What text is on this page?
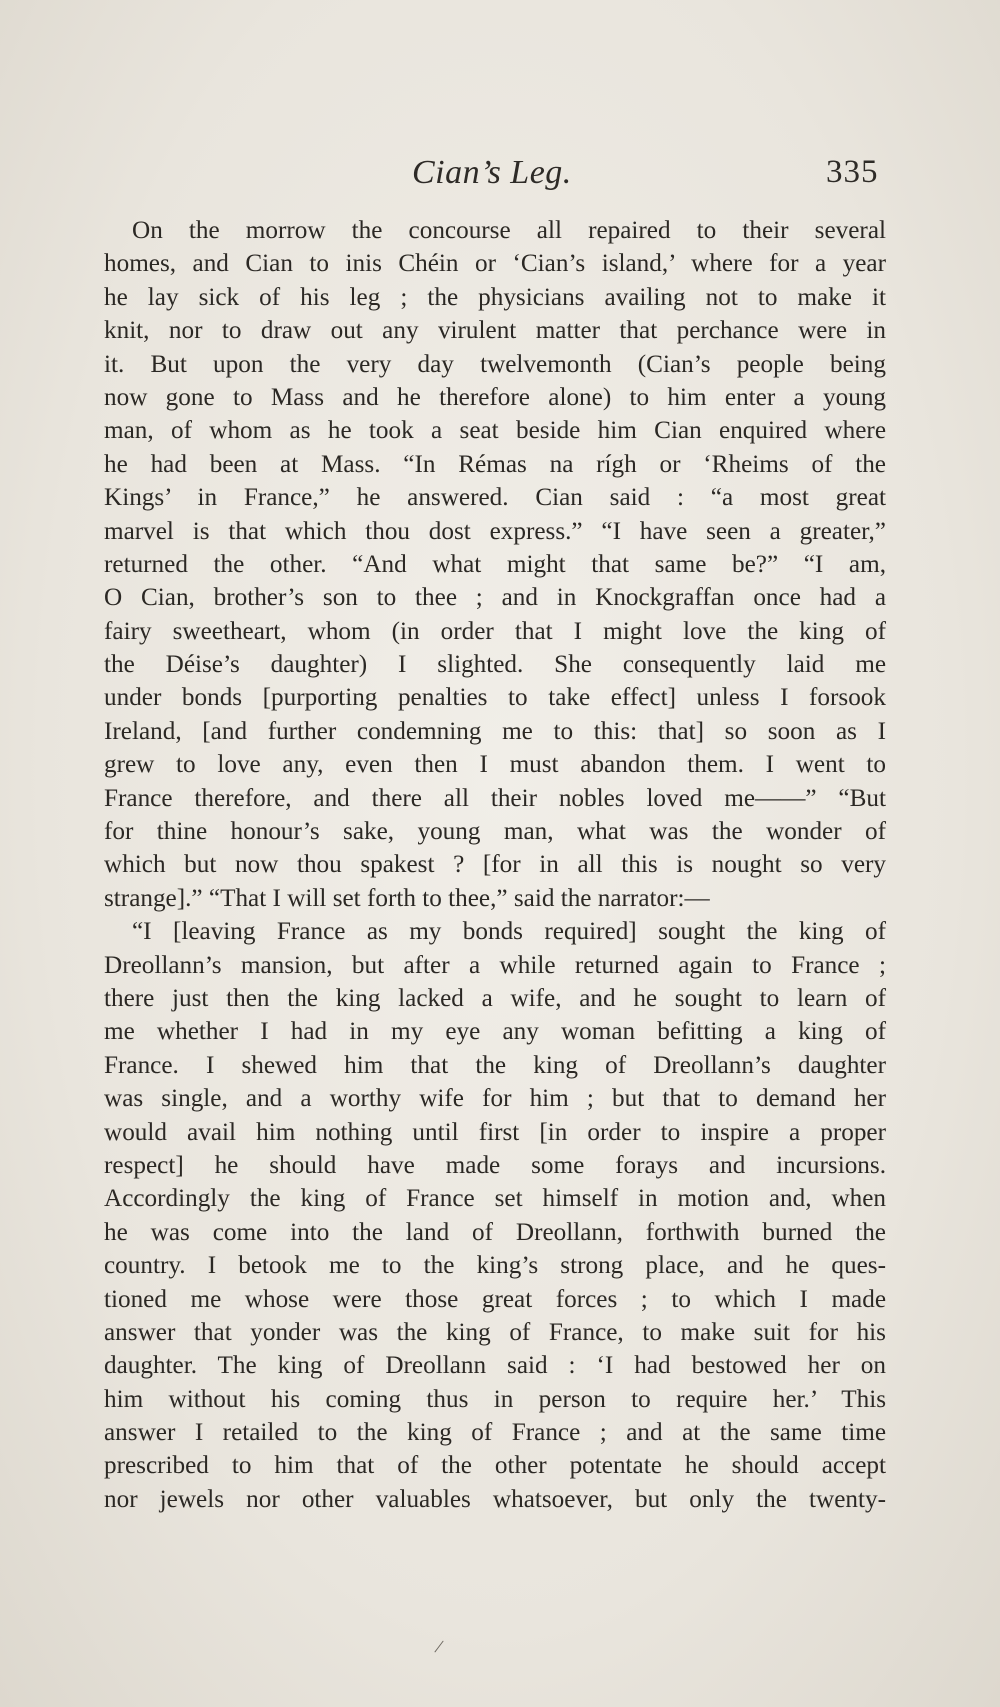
Cian’s Leg.	335
On the morrow the concourse all repaired to their several
homes, and Cian to inis Chéin or ‘Cian’s island,’ where for a year
he lay sick of his leg ; the physicians availing not to make it
knit, nor to draw out any virulent matter that perchance were in
it. But upon the very day twelvemonth (Cian’s people being
now gone to Mass and he therefore alone) to him enter a young
man, of whom as he took a seat beside him Cian enquired where
he had been at Mass. “In Rémas na rígh or ‘Rheims of the
Kings’ in France,” he answered. Cian said : “a most great
marvel is that which thou dost express.” “I have seen a greater,”
returned the other. “And what might that same be?” “I am,
O Cian, brother’s son to thee ; and in Knockgraffan once had a
fairy sweetheart, whom (in order that I might love the king of
the Déise’s daughter) I slighted. She consequently laid me
under bonds [purporting penalties to take effect] unless I forsook
Ireland, [and further condemning me to this: that] so soon as I
grew to love any, even then I must abandon them. I went to
France therefore, and there all their nobles loved me——” “But
for thine honour’s sake, young man, what was the wonder of
which but now thou spakest ? [for in all this is nought so very
strange].” “That I will set forth to thee,” said the narrator:—
“I [leaving France as my bonds required] sought the king of
Dreollann’s mansion, but after a while returned again to France ;
there just then the king lacked a wife, and he sought to learn of
me whether I had in my eye any woman befitting a king of
France. I shewed him that the king of Dreollann’s daughter
was single, and a worthy wife for him ; but that to demand her
would avail him nothing until first [in order to inspire a proper
respect] he should have made some forays and incursions.
Accordingly the king of France set himself in motion and, when
he was come into the land of Dreollann, forthwith burned the
country. I betook me to the king’s strong place, and he ques-
tioned me whose were those great forces ; to which I made
answer that yonder was the king of France, to make suit for his
daughter. The king of Dreollann said : ‘I had bestowed her on
him without his coming thus in person to require her.’ This
answer I retailed to the king of France ; and at the same time
prescribed to him that of the other potentate he should accept
nor jewels nor other valuables whatsoever, but only the twenty-
/
